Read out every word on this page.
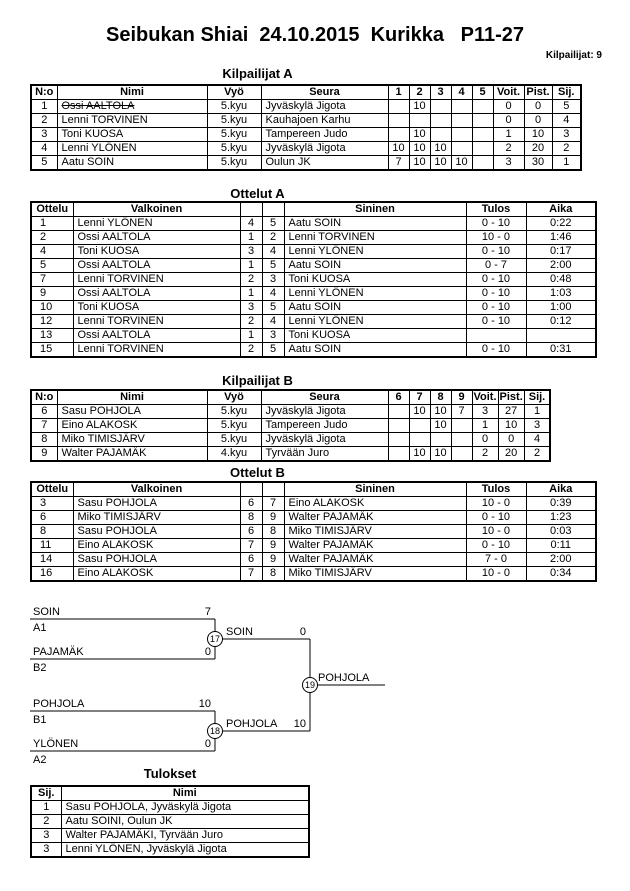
Seibukan Shiai  24.10.2015  Kurikka   P11-27
Kilpailijat: 9
Kilpailijat A
N:o	Nimi	Vyö	Seura	1	2	3	4	5	Voit.	Pist.	Sij.
1	Ossi AALTOLA	5.kyu	Jyväskylä Jigota		10				0	0	5
2	Lenni TORVINEN	5.kyu	Kauhajoen Karhu						0	0	4
3	Toni KUOSA	5.kyu	Tampereen Judo		10				1	10	3
4	Lenni YLÖNEN	5.kyu	Jyväskylä Jigota	10	10	10			2	20	2
5	Aatu SOIN	5.kyu	Oulun JK	7	10	10	10		3	30	1
Ottelut A
Ottelu	Valkoinen			Sininen	Tulos	Aika
1	Lenni YLÖNEN	4	5	Aatu SOIN	0 - 10	0:22
2	Ossi AALTOLA	1	2	Lenni TORVINEN	10 - 0	1:46
4	Toni KUOSA	3	4	Lenni YLÖNEN	0 - 10	0:17
5	Ossi AALTOLA	1	5	Aatu SOIN	0 - 7	2:00
7	Lenni TORVINEN	2	3	Toni KUOSA	0 - 10	0:48
9	Ossi AALTOLA	1	4	Lenni YLÖNEN	0 - 10	1:03
10	Toni KUOSA	3	5	Aatu SOIN	0 - 10	1:00
12	Lenni TORVINEN	2	4	Lenni YLÖNEN	0 - 10	0:12
13	Ossi AALTOLA	1	3	Toni KUOSA		
15	Lenni TORVINEN	2	5	Aatu SOIN	0 - 10	0:31
Kilpailijat B
N:o	Nimi	Vyö	Seura	6	7	8	9	Voit.	Pist.	Sij.
6	Sasu POHJOLA	5.kyu	Jyväskylä Jigota		10	10	7	3	27	1
7	Eino ALAKOSK	5.kyu	Tampereen Judo			10		1	10	3
8	Miko TIMISJÄRV	5.kyu	Jyväskylä Jigota					0	0	4
9	Walter PAJAMÄK	4.kyu	Tyrvään Juro		10	10		2	20	2
Ottelut B
Ottelu	Valkoinen			Sininen	Tulos	Aika
3	Sasu POHJOLA	6	7	Eino ALAKOSK	10 - 0	0:39
6	Miko TIMISJÄRV	8	9	Walter PAJAMÄK	0 - 10	1:23
8	Sasu POHJOLA	6	8	Miko TIMISJÄRV	10 - 0	0:03
11	Eino ALAKOSK	7	9	Walter PAJAMÄK	0 - 10	0:11
14	Sasu POHJOLA	6	9	Walter PAJAMÄK	7 - 0	2:00
16	Eino ALAKOSK	7	8	Miko TIMISJÄRV	10 - 0	0:34
SOIN
A1
7
PAJAMÄK
B2
0
17
SOIN	0
POHJOLA
B1
10
YLÖNEN
A2
0
18
POHJOLA 10
19
POHJOLA
Tulokset
Sij.	Nimi
1	Sasu POHJOLA, Jyväskylä Jigota
2	Aatu SOINI, Oulun JK
3	Walter PAJAMÄKI, Tyrvään Juro
3	Lenni YLÖNEN, Jyväskylä Jigota
